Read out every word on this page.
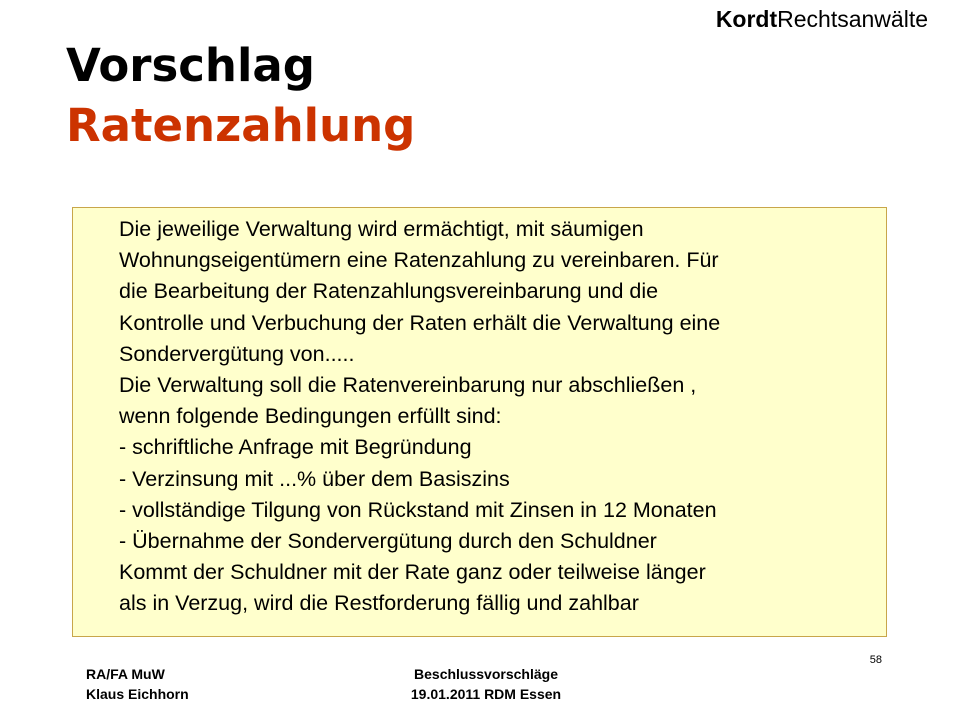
KordtRechtsanwälte
Vorschlag
Ratenzahlung
Die jeweilige Verwaltung wird ermächtigt, mit säumigen
Wohnungseigentümern eine Ratenzahlung zu vereinbaren. Für
die Bearbeitung der Ratenzahlungsvereinbarung und die
Kontrolle und Verbuchung der Raten erhält die Verwaltung eine
Sondervergütung von.....
Die Verwaltung soll die Ratenvereinbarung nur abschließen ,
wenn folgende Bedingungen erfüllt sind:
- schriftliche Anfrage mit Begründung
- Verzinsung mit ...% über dem Basiszins
- vollständige Tilgung von Rückstand mit Zinsen in 12 Monaten
- Übernahme der Sondervergütung durch den Schuldner
Kommt der Schuldner mit der Rate ganz oder teilweise länger
als in Verzug, wird die Restforderung fällig und zahlbar
58
RA/FA MuW
Klaus Eichhorn
Beschlussvorschläge
19.01.2011 RDM Essen
